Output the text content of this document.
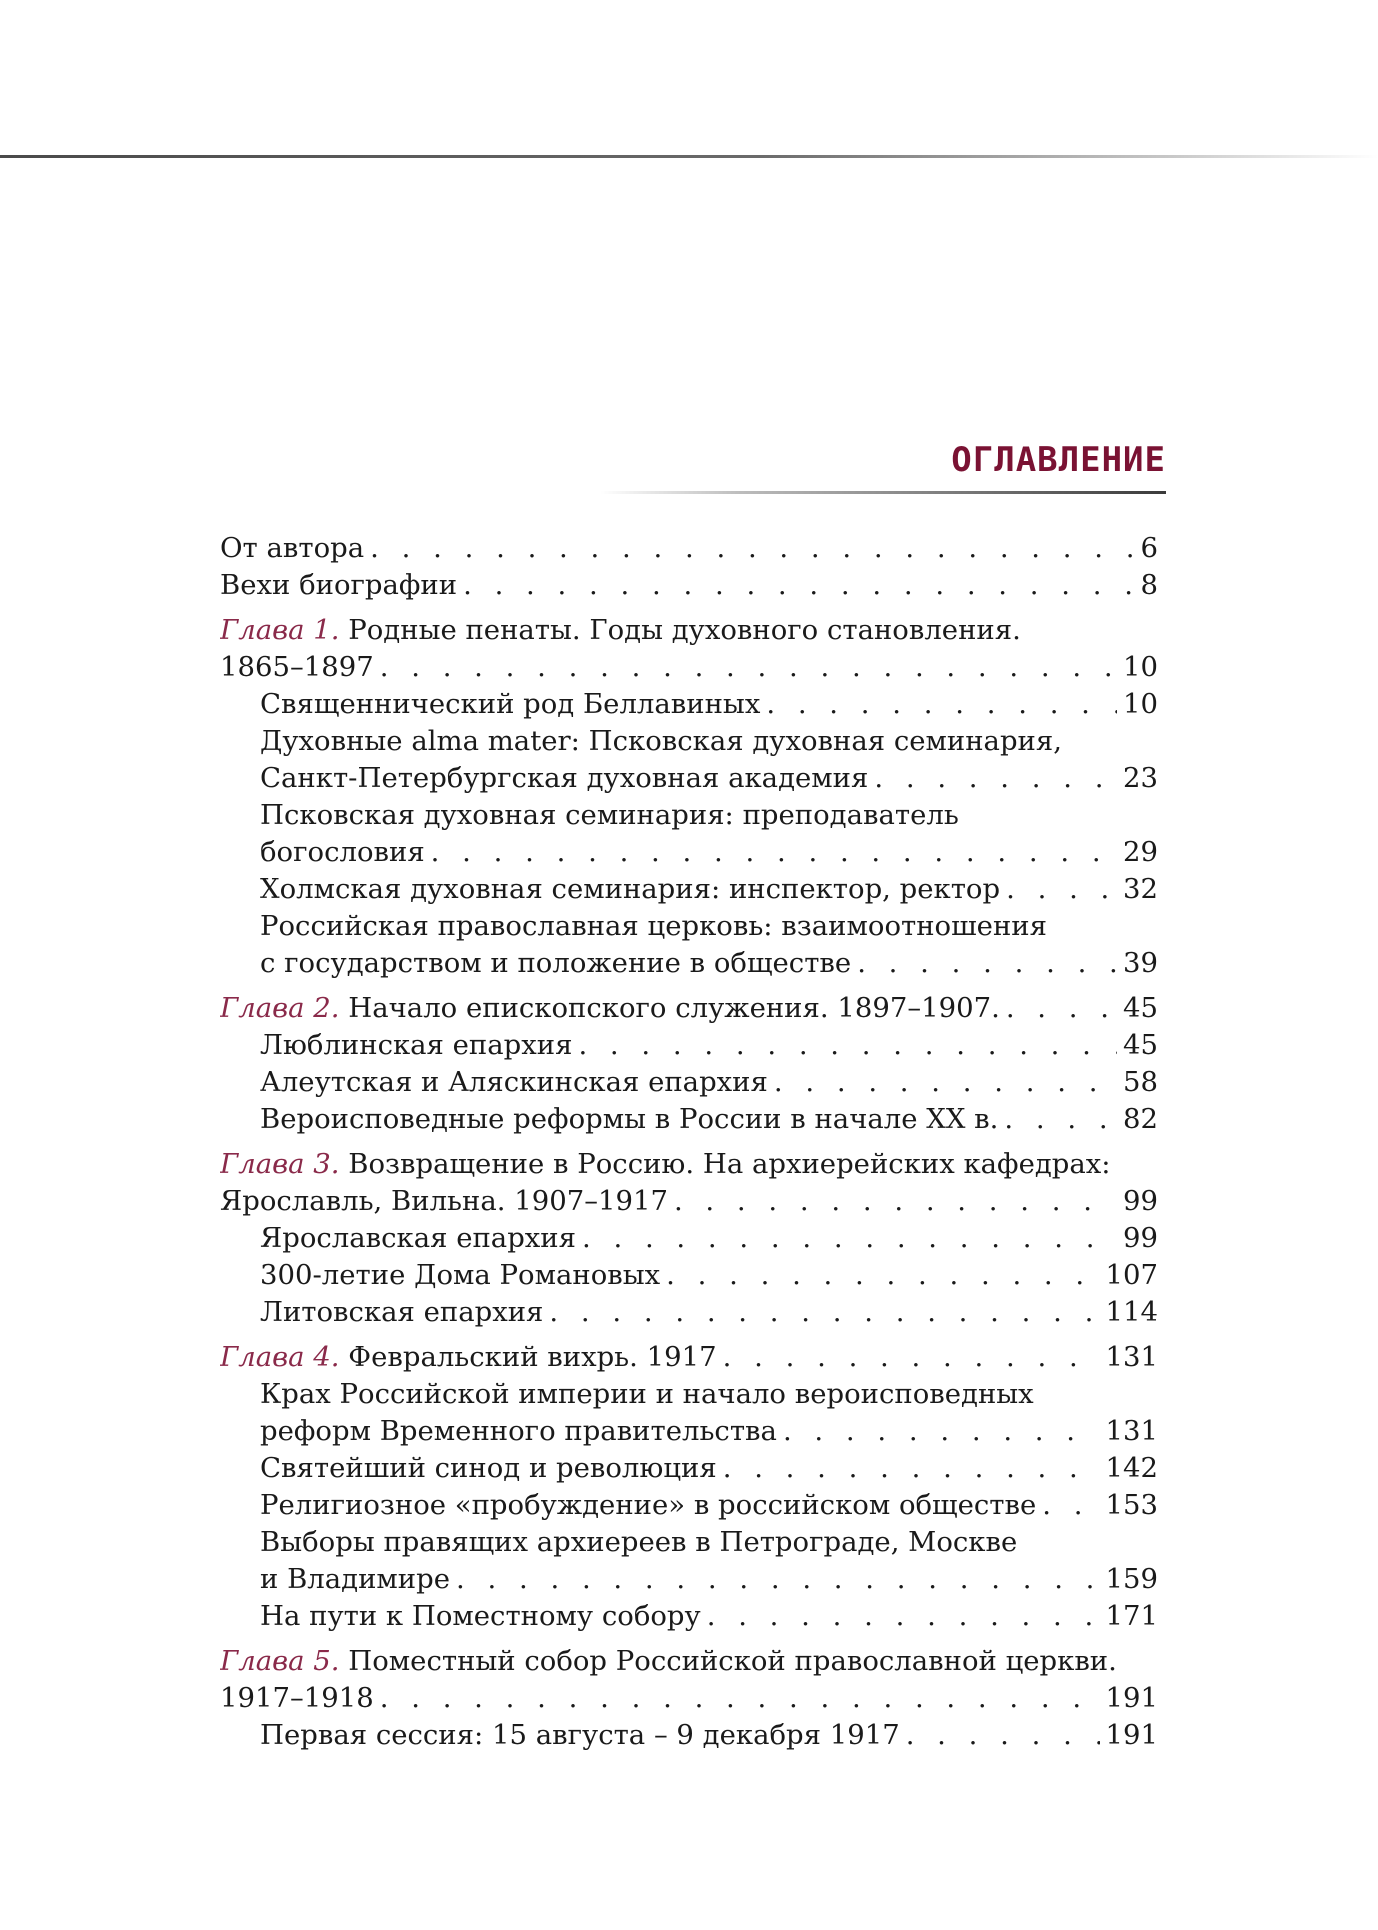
ОГЛАВЛЕНИЕ
От автора . . .	6
Вехи биографии . . .	8
Глава 1. Родные пенаты. Годы духовного становления.
1865–1897 . . .	10
Священнический род Беллавиных . . .	10
Духовные alma mater: Псковская духовная семинария,
Санкт-Петербургская духовная академия . . .	23
Псковская духовная семинария: преподаватель
богословия . . .	29
Холмская духовная семинария: инспектор, ректор . . .	32
Российская православная церковь: взаимоотношения
с государством и положение в обществе . . .	39
Глава 2. Начало епископского служения. 1897–1907. . . .	45
Люблинская епархия . . .	45
Алеутская и Аляскинская епархия . . .	58
Вероисповедные реформы в России в начале XX в. . . .	82
Глава 3. Возвращение в Россию. На архиерейских кафедрах:
Ярославль, Вильна. 1907–1917 . . .	99
Ярославская епархия . . .	99
300-летие Дома Романовых . . .	107
Литовская епархия . . .	114
Глава 4. Февральский вихрь. 1917 . . .	131
Крах Российской империи и начало вероисповедных
реформ Временного правительства . . .	131
Святейший синод и революция . . .	142
Религиозное «пробуждение» в российском обществе . . .	153
Выборы правящих архиереев в Петрограде, Москве
и Владимире . . .	159
На пути к Поместному собору . . .	171
Глава 5. Поместный собор Российской православной церкви.
1917–1918 . . .	191
Первая сессия: 15 августа – 9 декабря 1917 . . .	191
